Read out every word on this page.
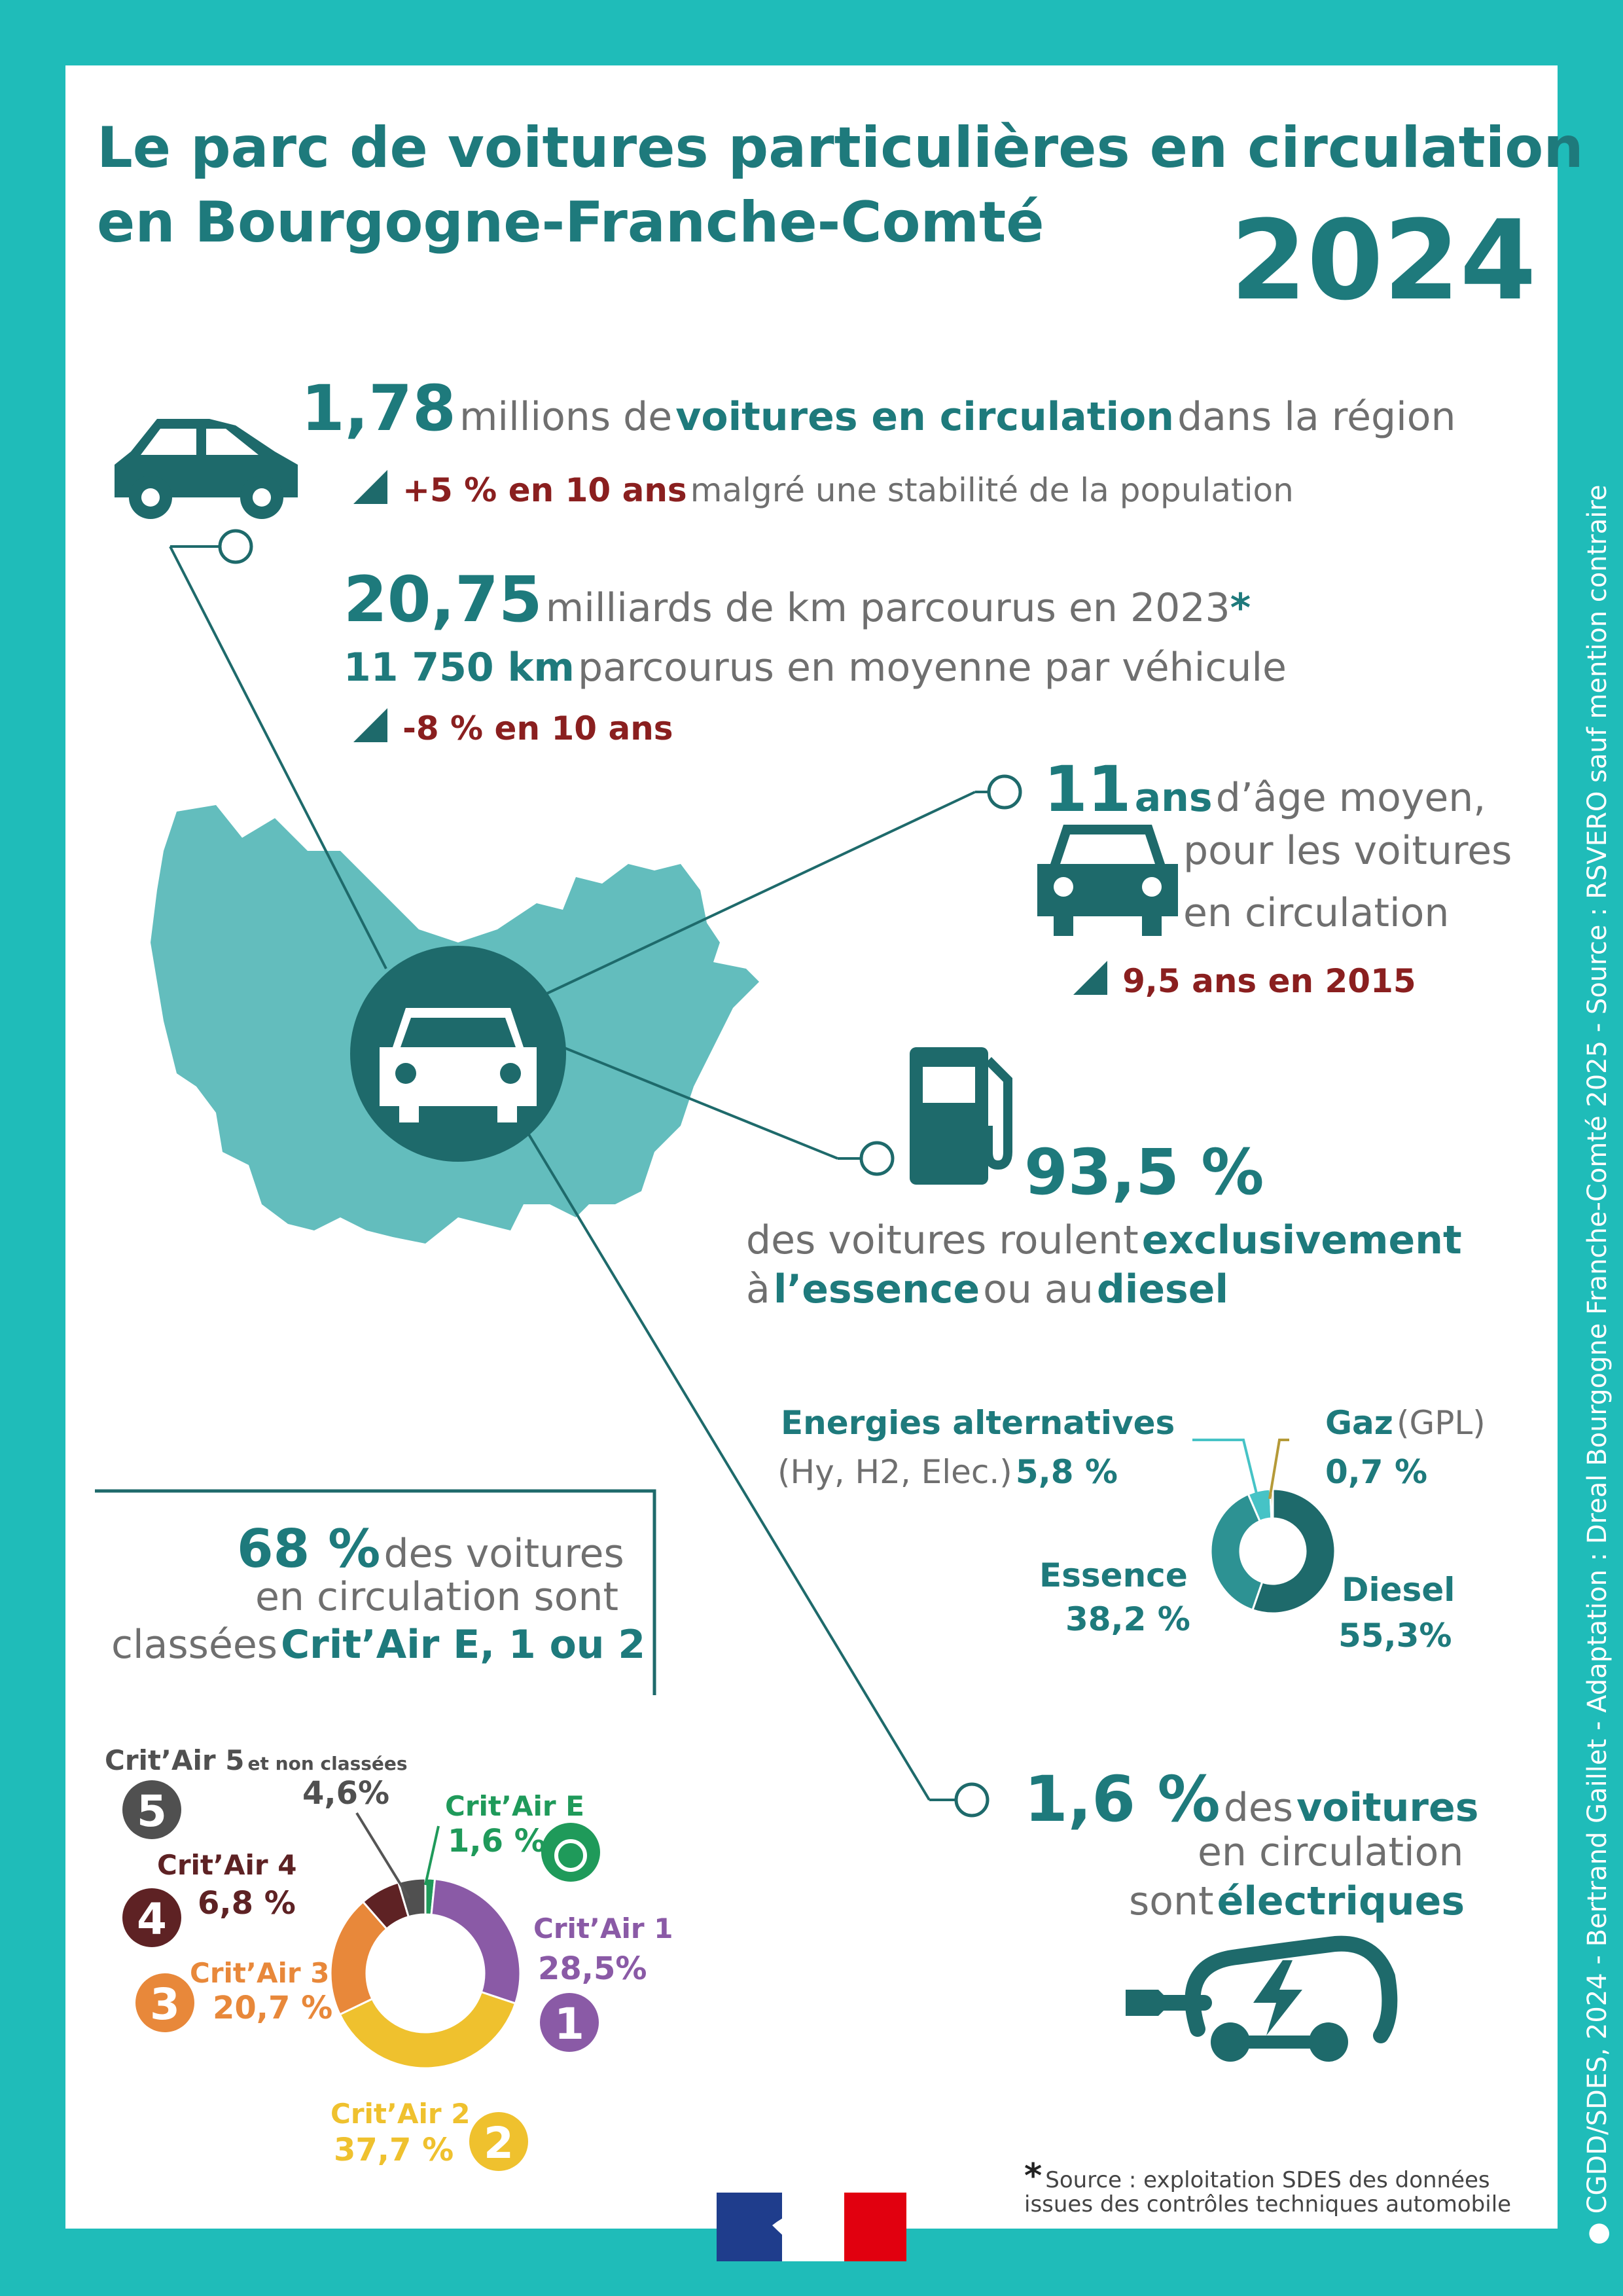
5
4
1
3
2
Le parc de voitures particulières en circulation
en Bourgogne-Franche-Comté 2024
1,78 millions de voitures en circulation dans la région
+5 % en 10 ans malgré une stabilité de la population
20,75 milliards de km parcourus en 2023*
11 750 km parcourus en moyenne par véhicule
-8 % en 10 ans
11 ans d’âge moyen,
pour les voitures
en circulation
9,5 ans en 2015
93,5 %
des voitures roulent exclusivement
à l’essence ou au diesel
Energies alternatives
(Hy, H2, Elec.) 5,8 %
Gaz (GPL)
0,7 %
Essence
38,2 %
Diesel
55,3%
1,6 % des voitures
en circulation
sont électriques
68 % des voitures
en circulation sont
classées Crit’Air E, 1 ou 2
Crit’Air 5 et non classées
4,6% Crit’Air E
1,6 %
Crit’Air 4
6,8 %
Crit’Air 1
28,5%
Crit’Air 3
20,7 %
Crit’Air 2
37,7 %
* Source : exploitation SDES des données
issues des contrôles techniques automobile
● CGDD/SDES, 2024 - Bertrand Gaillet - Adaptation : Dreal Bourgogne Franche-Comté 2025 - Source : RSVERO sauf mention contraire
